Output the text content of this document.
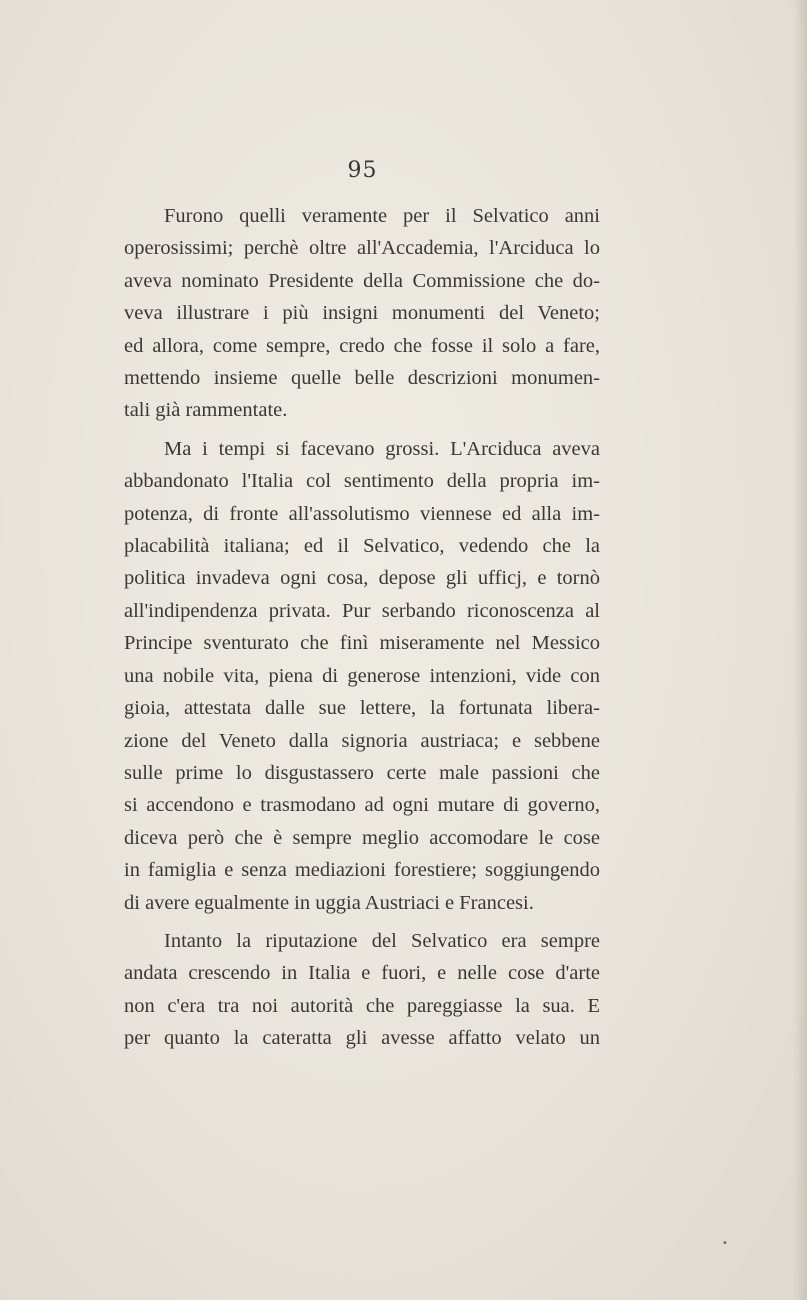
95
Furono quelli veramente per il Selvatico anni
operosissimi; perchè oltre all'Accademia, l'Arciduca lo
aveva nominato Presidente della Commissione che do-
veva illustrare i più insigni monumenti del Veneto;
ed allora, come sempre, credo che fosse il solo a fare,
mettendo insieme quelle belle descrizioni monumen-
tali già rammentate.
Ma i tempi si facevano grossi. L'Arciduca aveva
abbandonato l'Italia col sentimento della propria im-
potenza, di fronte all'assolutismo viennese ed alla im-
placabilità italiana; ed il Selvatico, vedendo che la
politica invadeva ogni cosa, depose gli ufficj, e tornò
all'indipendenza privata. Pur serbando riconoscenza al
Principe sventurato che finì miseramente nel Messico
una nobile vita, piena di generose intenzioni, vide con
gioia, attestata dalle sue lettere, la fortunata libera-
zione del Veneto dalla signoria austriaca; e sebbene
sulle prime lo disgustassero certe male passioni che
si accendono e trasmodano ad ogni mutare di governo,
diceva però che è sempre meglio accomodare le cose
in famiglia e senza mediazioni forestiere; soggiungendo
di avere egualmente in uggia Austriaci e Francesi.
Intanto la riputazione del Selvatico era sempre
andata crescendo in Italia e fuori, e nelle cose d'arte
non c'era tra noi autorità che pareggiasse la sua. E
per quanto la cateratta gli avesse affatto velato un
•
